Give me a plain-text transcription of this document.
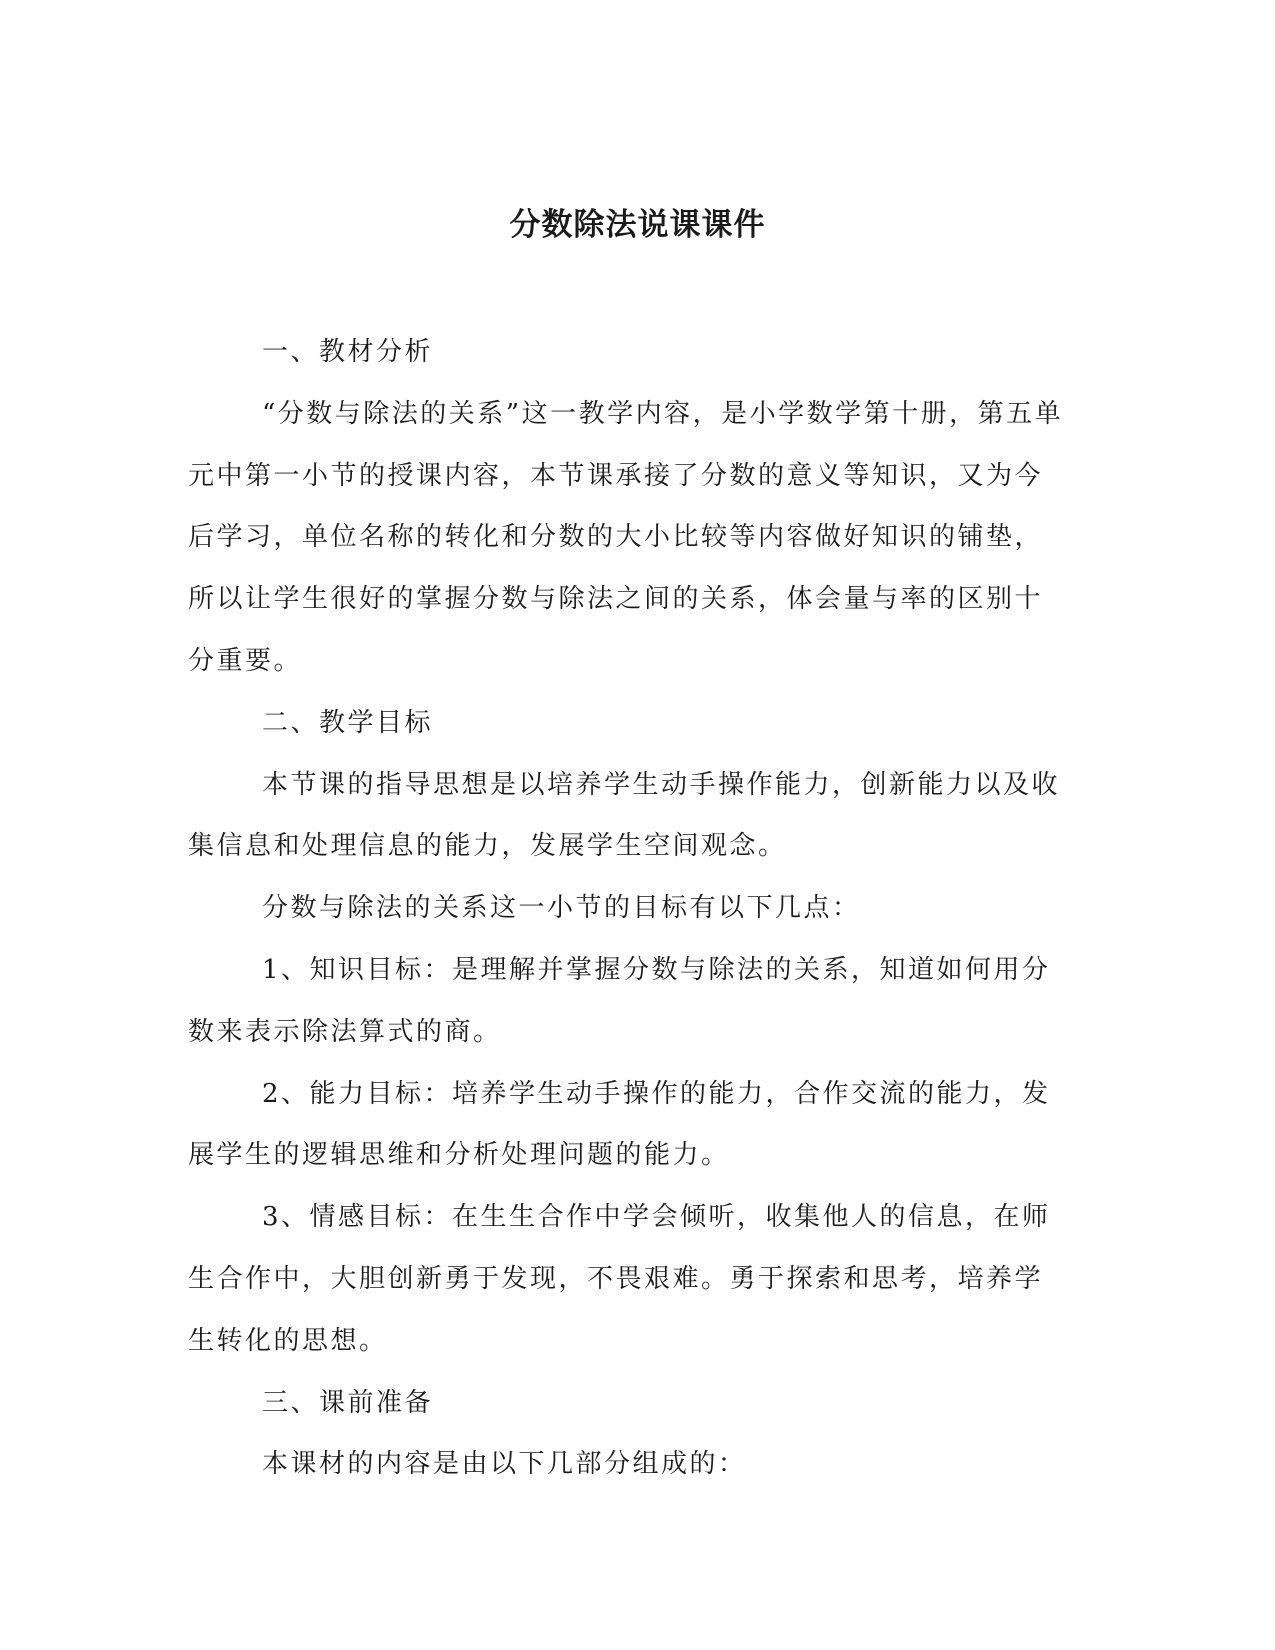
分数除法说课课件
一、教材分析
“分数与除法的关系”这一教学内容，是小学数学第十册，第五单
元中第一小节的授课内容，本节课承接了分数的意义等知识，又为今
后学习，单位名称的转化和分数的大小比较等内容做好知识的铺垫，
所以让学生很好的掌握分数与除法之间的关系，体会量与率的区别十
分重要。
二、教学目标
本节课的指导思想是以培养学生动手操作能力，创新能力以及收
集信息和处理信息的能力，发展学生空间观念。
分数与除法的关系这一小节的目标有以下几点：
1、知识目标：是理解并掌握分数与除法的关系，知道如何用分
数来表示除法算式的商。
2、能力目标：培养学生动手操作的能力，合作交流的能力，发
展学生的逻辑思维和分析处理问题的能力。
3、情感目标：在生生合作中学会倾听，收集他人的信息，在师
生合作中，大胆创新勇于发现，不畏艰难。勇于探索和思考，培养学
生转化的思想。
三、课前准备
本课材的内容是由以下几部分组成的：
